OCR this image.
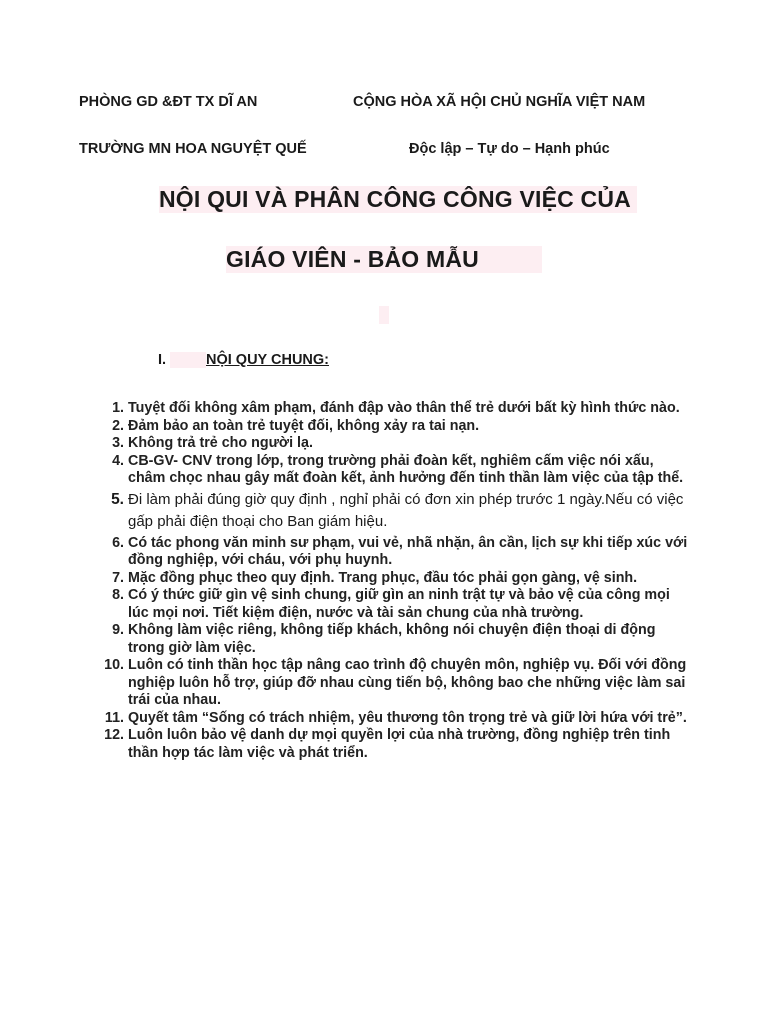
PHÒNG GD &ĐT TX DĨ AN	CỘNG HÒA XÃ HỘI CHỦ NGHĨA VIỆT NAM
TRƯỜNG MN HOA NGUYỆT QUẾ	Độc lập – Tự do – Hạnh phúc
NỘI QUI VÀ PHÂN CÔNG CÔNG VIỆC CỦA
GIÁO VIÊN - BẢO MẪU
I.	NỘI QUY CHUNG:
1. Tuyệt đối không xâm phạm, đánh đập vào thân thể trẻ dưới bất kỳ hình thức nào.
2. Đảm bảo an toàn trẻ tuyệt đối, không xảy ra tai nạn.
3. Không trả trẻ cho người lạ.
4. CB-GV- CNV trong lớp, trong trường phải đoàn kết, nghiêm cấm việc nói xấu, châm chọc nhau gây mất đoàn kết, ảnh hưởng đến tinh thần làm việc của tập thể.
5. Đi làm phải đúng giờ quy định , nghỉ phải có đơn xin phép trước 1 ngày.Nếu có việc gấp phải điện thoại cho Ban giám hiệu.
6. Có tác phong văn minh sư phạm, vui vẻ, nhã nhặn, ân cần, lịch sự khi tiếp xúc với đồng nghiệp, với cháu, với phụ huynh.
7. Mặc đồng phục theo quy định. Trang phục, đầu tóc phải gọn gàng, vệ sinh.
8. Có ý thức giữ gìn vệ sinh chung, giữ gìn an ninh trật tự và bảo vệ của công mọi lúc mọi nơi. Tiết kiệm điện, nước và tài sản chung của nhà trường.
9. Không làm việc riêng, không tiếp khách, không nói chuyện điện thoại di động trong giờ làm việc.
10. Luôn có tinh thần học tập nâng cao trình độ chuyên môn, nghiệp vụ. Đối với đồng nghiệp luôn hỗ trợ, giúp đỡ nhau cùng tiến bộ, không bao che những việc làm sai trái của nhau.
11. Quyết tâm “Sống có trách nhiệm, yêu thương tôn trọng trẻ và giữ lời hứa với trẻ”.
12. Luôn luôn bảo vệ danh dự mọi quyền lợi của nhà trường, đồng nghiệp trên tinh thần hợp tác làm việc và phát triển.
